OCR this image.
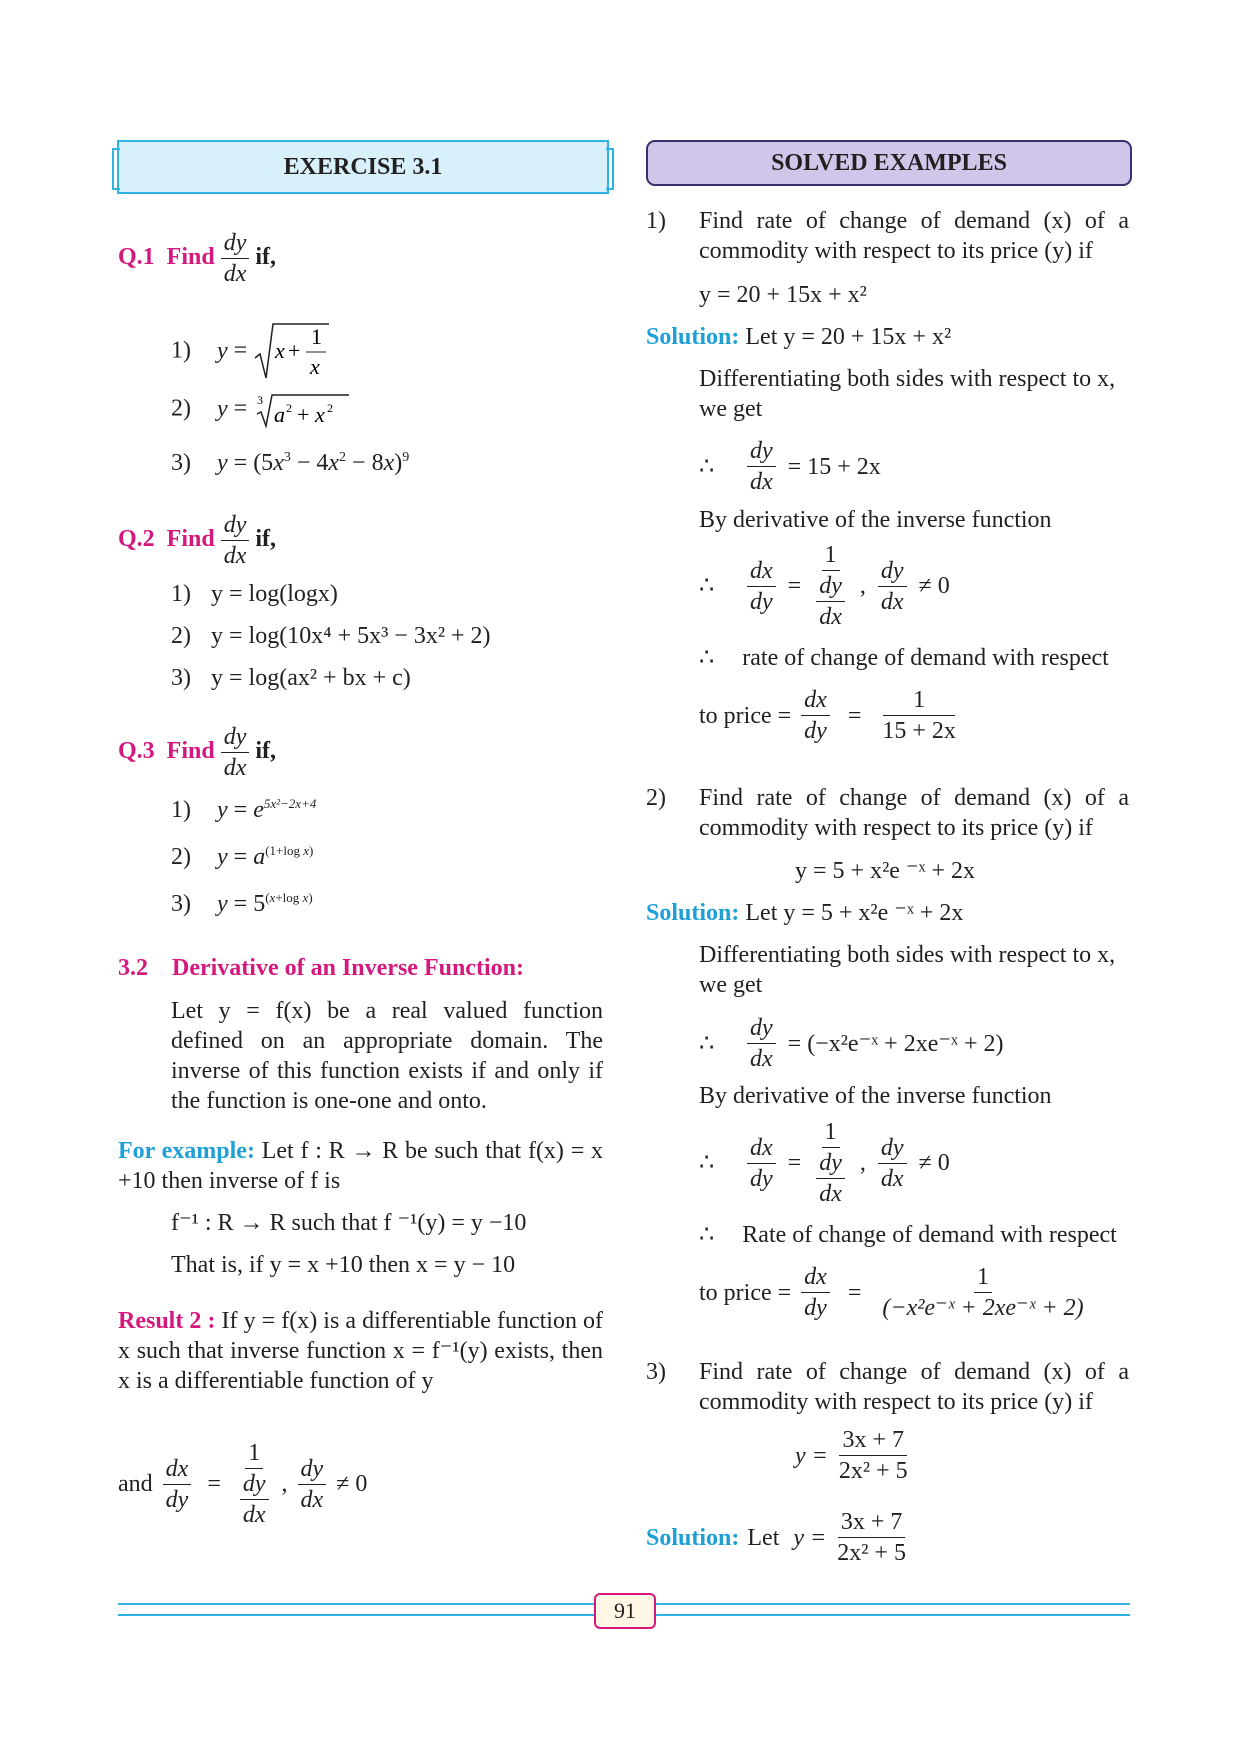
EXERCISE 3.1	SOLVED EXAMPLES
Q.1 Find $\frac{dy}{dx}$ if,
1) y = x +
1
x
2) y = 3
a 2 + x 2
3) $y = (5x^3 - 4x^2 - 8x)^9$
Q.2 Find $\frac{dy}{dx}$ if,
1) y = log(logx)
2) y = log(10x⁴ + 5x³ − 3x² + 2)
3) y = log(ax² + bx + c)
Q.3 Find $\frac{dy}{dx}$ if,
1) $y = e^{5x^2-2x+4}$
2) $y = a^{(1+log x)}$
3) $y = 5^{(x+log x)}$
3.2 Derivative of an Inverse Function:
Let y = f(x) be a real valued function defined on an appropriate domain. The inverse of this function exists if and only if the function is one-one and onto.
For example: Let f : R → R be such that f(x) = x +10 then inverse of f is
f⁻¹ : R → R such that f ⁻¹(y) = y −10
That is, if y = x +10 then x = y − 10
Result 2 : If y = f(x) is a differentiable function of x such that inverse function x = f⁻¹(y) exists, then x is a differentiable function of y
and $\frac{dx}{dy} = \frac{1}{\frac{dy}{dx}}$ , $\frac{dy}{dx} \ne 0$
1) Find rate of change of demand (x) of a commodity with respect to its price (y) if
y = 20 + 15x + x²
Solution: Let y = 20 + 15x + x²
Differentiating both sides with respect to x, we get
∴	$\frac{dy}{dx} = 15 + 2x$
By derivative of the inverse function
∴	$\frac{dx}{dy} = \frac{1}{\frac{dy}{dx}}$ , $\frac{dy}{dx} \ne 0$
∴ rate of change of demand with respect
to price = $\frac{dx}{dy} = \frac{1}{15 + 2x}$
2) Find rate of change of demand (x) of a commodity with respect to its price (y) if
y = 5 + x²e ⁻ˣ + 2x
Solution: Let y = 5 + x²e ⁻ˣ + 2x
Differentiating both sides with respect to x, we get
∴	$\frac{dy}{dx}$ = (−x²e⁻ˣ + 2xe⁻ˣ + 2)
By derivative of the inverse function
∴	$\frac{dx}{dy} = \frac{1}{\frac{dy}{dx}}$ , $\frac{dy}{dx} \ne 0$
∴ Rate of change of demand with respect
to price = $\frac{dx}{dy} = \frac{1}{\text{(−x²e⁻ˣ + 2xe⁻ˣ + 2)}}$
3) Find rate of change of demand (x) of a commodity with respect to its price (y) if
$y = \frac{3x + 7}{\text{2x² + 5}}$
Solution: Let $y = \frac{3x + 7}{\text{2x² + 5}}$
91
